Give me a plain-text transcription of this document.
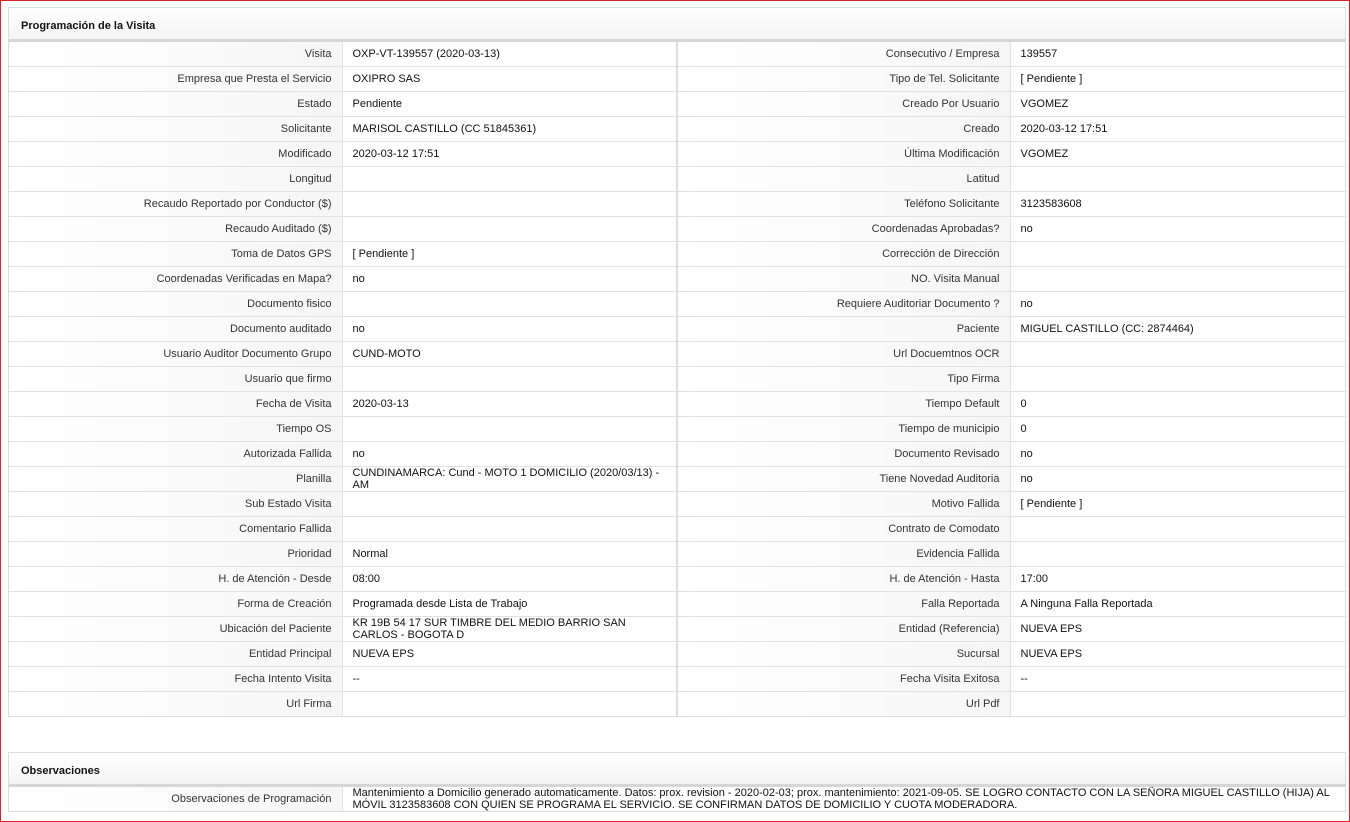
Programación de la Visita
Visita	OXP-VT-139557 (2020-03-13)	Consecutivo / Empresa	139557
Empresa que Presta el Servicio	OXIPRO SAS	Tipo de Tel. Solicitante	[ Pendiente ]
Estado	Pendiente	Creado Por Usuario	VGOMEZ
Solicitante	MARISOL CASTILLO (CC 51845361)	Creado	2020-03-12 17:51
Modificado	2020-03-12 17:51	Última Modificación	VGOMEZ
Longitud		Latitud	
Recaudo Reportado por Conductor ($)		Teléfono Solicitante	3123583608
Recaudo Auditado ($)		Coordenadas Aprobadas?	no
Toma de Datos GPS	[ Pendiente ]	Corrección de Dirección	
Coordenadas Verificadas en Mapa?	no	NO. Visita Manual	
Documento fisico		Requiere Auditoriar Documento ?	no
Documento auditado	no	Paciente	MIGUEL CASTILLO (CC: 2874464)
Usuario Auditor Documento Grupo	CUND-MOTO	Url Docuemtnos OCR	
Usuario que firmo		Tipo Firma	
Fecha de Visita	2020-03-13	Tiempo Default	0
Tiempo OS		Tiempo de municipio	0
Autorizada Fallida	no	Documento Revisado	no
Planilla	CUNDINAMARCA: Cund - MOTO 1 DOMICILIO (2020/03/13) - AM	Tiene Novedad Auditoria	no
Sub Estado Visita		Motivo Fallida	[ Pendiente ]
Comentario Fallida		Contrato de Comodato	
Prioridad	Normal	Evidencia Fallida	
H. de Atención - Desde	08:00	H. de Atención - Hasta	17:00
Forma de Creación	Programada desde Lista de Trabajo	Falla Reportada	A Ninguna Falla Reportada
Ubicación del Paciente	KR 19B 54 17 SUR TIMBRE DEL MEDIO BARRIO SAN CARLOS - BOGOTA D	Entidad (Referencia)	NUEVA EPS
Entidad Principal	NUEVA EPS	Sucursal	NUEVA EPS
Fecha Intento Visita	--	Fecha Visita Exitosa	--
Url Firma		Url Pdf	
Observaciones
Observaciones de Programación	Mantenimiento a Domicilio generado automaticamente. Datos: prox. revision - 2020-02-03; prox. mantenimiento: 2021-09-05. SE LOGRO CONTACTO CON LA SEÑORA MIGUEL CASTILLO (HIJA) AL MÓVIL 3123583608 CON QUIEN SE PROGRAMA EL SERVICIO. SE CONFIRMAN DATOS DE DOMICILIO Y CUOTA MODERADORA.
